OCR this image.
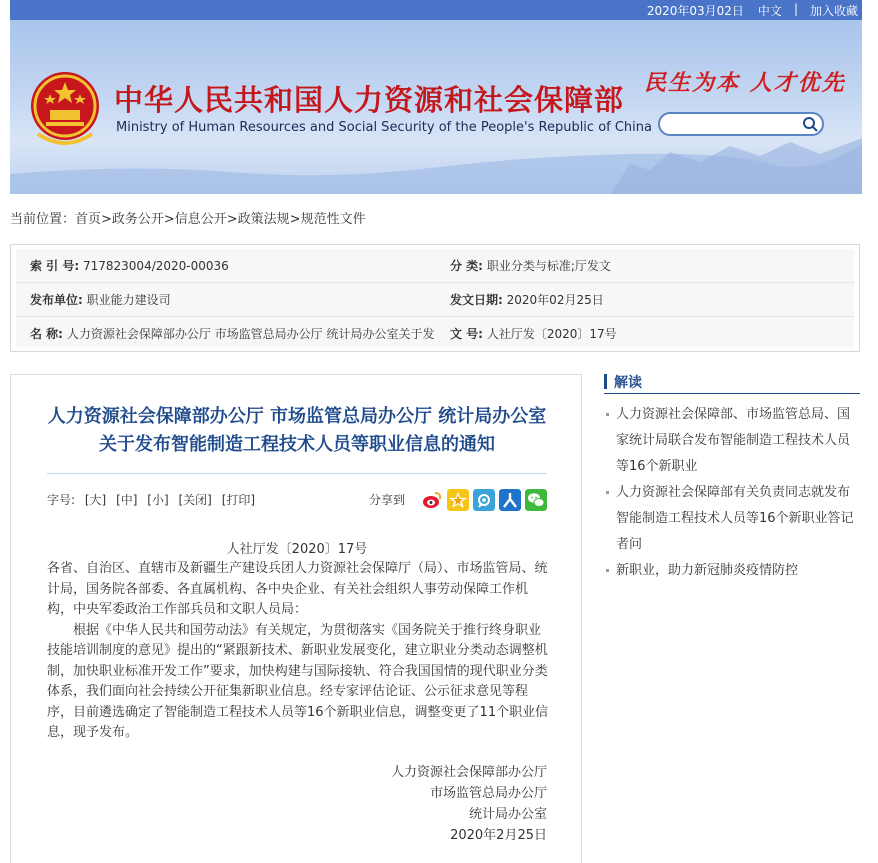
2020年03月02日 中文 | 加入收藏
中华人民共和国人力资源和社会保障部
Ministry of Human Resources and Social Security of the People's Republic of China
民生为本 人才优先
当前位置：首页>政务公开>信息公开>政策法规>规范性文件
索 引 号: 717823004/2020-00036	分 类: 职业分类与标准;厅发文
发布单位: 职业能力建设司	发文日期: 2020年02月25日
名 称: 人力资源社会保障部办公厅 市场监管总局办公厅 统计局办公室关于发	文 号: 人社厅发〔2020〕17号
人力资源社会保障部办公厅 市场监管总局办公厅 统计局办公室关于发布智能制造工程技术人员等职业信息的通知
字号: [大] [中] [小] [关闭] [打印]	分享到
人社厅发〔2020〕17号

各省、自治区、直辖市及新疆生产建设兵团人力资源社会保障厅（局）、市场监管局、统计局，国务院各部委、各直属机构、各中央企业、有关社会组织人事劳动保障工作机构，中央军委政治工作部兵员和文职人员局：

根据《中华人民共和国劳动法》有关规定，为贯彻落实《国务院关于推行终身职业技能培训制度的意见》提出的“紧跟新技术、新职业发展变化，建立职业分类动态调整机制，加快职业标准开发工作”要求，加快构建与国际接轨、符合我国国情的现代职业分类体系，我们面向社会持续公开征集新职业信息。经专家评估论证、公示征求意见等程序，目前遴选确定了智能制造工程技术人员等16个新职业信息，调整变更了11个职业信息，现予发布。

人力资源社会保障部办公厅
市场监管总局办公厅
统计局办公室
2020年2月25日
解读
人力资源社会保障部、市场监管总局、国家统计局联合发布智能制造工程技术人员等16个新职业
人力资源社会保障部有关负责同志就发布智能制造工程技术人员等16个新职业答记者问
新职业，助力新冠肺炎疫情防控
